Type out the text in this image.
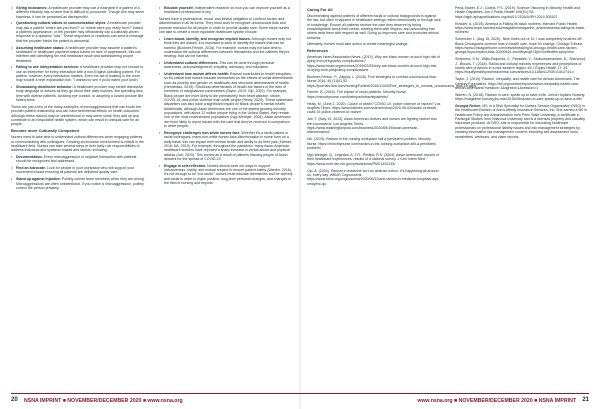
• Giving nicknames: A healthcare provider may use a nickname if a patient of a different ethnicity has a name that is difficult to pronounce. Though this may seem harmless, it can be perceived as disrespectful.
• Questioning cultural values or communication styles: A healthcare provider may ask a patient "where are you from?" or "where were you really born?" based a patient's appearance, or the provider may offhandedly call a culturally-driven response to a question "odd." These responses or reactions can send a message that the provider thinks the patient is abnormal.
• Assuming healthcare status: A healthcare provider may assume a patient's healthcare or healthcare payment status based on race or appearance; this can interfere with identifying the real healthcare issue and administering proper treatment.
• Failing to use interpretation services: A healthcare provider may not choose to use an interpreter for every interaction with a non-English-speaking patient. For patient, however, every interaction matters. Even the act of walking in the room may trouble a brief explanation like, "I wanted to see if you'd eaten your lunch."
• Showcasing dismissive behavior: A healthcare provider may exhibit dismissive body language or actions as they go about their daily routines, like spending less time with diverse patients, avoiding eye contact, or adopting a closed posture like folded arms.
These are just a few of the many examples of microaggressions that can erode the provider-patient relationship and can have detrimental effects on health outcomes. Although these actions may be unintentional or may seem small, they add up and contribute to an inequitable health system, which can result in unequal care for all people.
Become more Culturally Competent
Nurses need to take time to understand cultural differences when engaging patients or communicating with colleagues. Creating an inclusive environment is critical in the healthcare field. Nurses can take several steps in their daily role responsibilities to address individual and systemic biases and racism, including:
• Documentation. Every microaggression or negative interaction with patients should be recognized and addressed.
• Find an advocate. Look for people in your workplace who will support your movement toward ensuring all patients are delivered quality care.
• Stand up against injustice. Politely correct team members when they are wrong. Microaggressions are often unintentional. If you notice a microaggression, politely correct the person privately.
• Educate yourself: Independent research on how you can improve yourself as a healthcare professional is key.
Nurses have a professional, moral, and ethical obligation to confront racism and discrimination in all its forms. They must work to recognize unconscious bias and promote inclusion for all people in order to provide quality care. Some steps nurses can take to create a more equitable healthcare system include:
• Learn about, identify, and recognize implicit biases. Although nurses may not think they are biased, it is important to work to identify the biases that can be harmful (Buckner-Fenton, 2016). For example, nurses may not take time to understand the cultural differences between themselves and the patients they're treating; that can be harmful.
• Understand cultural differences. This can be done through personal awareness, acknowledgement, empathy, advocacy, and education.
• Understand how racism affects health. Racism contributes to health inequities, so it's critical that nurses educate themselves on the effects of social determinants such as poverty and gender on healthcare and structural determinants of health (Hennebiao, 2019). Structural determinants of health are factors in the lives of members of marginalized communities (Taylor, 2019; Ojo, 2020). For example, Black people are more likely to die prematurely from heart disease, stroke, COVID-19, and police violence than white people (Healy, 2020). These systematic disparities can also have a significant impact on Black people's mental health. Additionally, although Asian Americans are one of the fastest growing minority populations, with about 12 million people living in the United States, they remain one of the most understudied populations (Ngo-Metzger, 2004). Asian Americans are more likely to report issues with the care that they've received in comparison to white people.
• Recognize challenges non-white nurses face. Whether it's a racist patient or racist colleagues, many non-white nurses face discrimination in some form on a daily basis; this can impact their mental health and ability to do their jobs (Farmer, 2018; NA, 2019). For example, throughout the pandemic, many Asian-American healthcare workers have reported a sharp increase in verbal abuse and physical attacks (Jan, 2020). This comes as a result of patients blaming people of Asian descent for the spread of COVID-19.
• Engage in self-reflection. Nurses should seek out ways to support inclusiveness, civility, and mutual respect to ensure patient safety (Warren, 2016). It's not enough to be "not racist;" nurses must educate themselves and be actively anti-racist in order to make positive, long-term personal changes, and changes in the field of nursing and beyond.
Caring For All
Discriminating against patients of different racial or cultural backgrounds is against the law, but often it happens in healthcare settings, either intentionally or through lack of knowledge. Ensure all patients receive the care they deserve by being knowledgeable about their needs, treating them with respect, and advocating that others treat them with respect as well. Doing so improves care and promotes ethical behavior.
Ultimately, nurses must take action to create meaningful change.
References
American Heart Association News. (2019). Why are black women at such high risk of dying from pregnancy complications? https://www.heart.org/en/news/2019/02/20/why-are-black-women-at-such-high-risk-of-dying-from-pregnancy-complications
Buckner-Fenton, P., Zappia, L. (2016). Five strategies to combat unconscious bias. Nurse 2016, 46 (11)51-52. https://journals.lww.com/nursing/Fulltext/2016/11000/Five_strategies_to_combat_unconscious_bias.16.aspx
Farmer, B. (2018). The impact of racist patients. Minority Nurse. https://minoritynurse.com/theimpactofracistpatients/
Healy, M. (June 2, 2020). Cause of death? COVID-19, police violence or racism? Los Angeles Times. https://www.latimes.com/science/story/2020-06-02/cause-of-death-covid-19-police-violence-or-racism
Jan, T. (May 19, 2020). Asian American doctors and nurses are fighting racism and the coronavirus. Los Angeles Times. https://www.washingtonpost.com/business/2020/05/19/asian-american-discrimination/
NA. (2019). Racism in the nursing workplace still a persistent problem. Minority Nurse. https://minoritynurse.com/racism-in-the-nursing-workplace-still-a-persistent-problem/
Ngo-Metzger, Q., Legedza, A. T.R., Phillips, R.S. (2004). Asian Americans' reports of their healthcare experiences: results of a national survey. J Gen Intern Med. https://www.ncbi.nlm.nih.gov/pmc/articles/PMC1492145/
Ojo, A. (2020). Racism in medicine isn't an abstract notion. It's happening all around us, every day. WBUR Cognoscenti. https://www.wbur.org/cognoscenti/2020/06/12/anti-racism-in-medicine-hospitals-ayo-omoyeni-ojo
Pena-Stuber, E.J., Collins, P.S. (2019). Science Visioning in Minority Health and Health Disparities. Am J Public Health 109(S1):S5. https://ajph.aphapublications.org/doi/10.2105/AJPH.2019.305107
Rowder, A. (2019). America is Failing its black mothers. Harvard Public Health. https://www.hsph.harvard.edu/magazine/magazine_article/america-failing-its-black-mothers/
Schencker L. (Aug 15, 2020). 'Nine times out of 10, I was completely brushed off': Black Chicagoans confront bias in health care, hope for change. Chicago Tribune. https://www.chicagotribune.com/news/breaking/ct-chicago-health-care-racism-george-floyd-implicit-bias-20200815-ecuillfbymq5?3pkOXnffedtfm.story.html
Shepherd, S.M., Willis-Esqueda, C., Paradies, Y., Sivasubramaniam, D., Sherwood, J., Brooks, T. (2018). Racial and cultural minority experiences and perceptions of health care provision in a mid-western region. Int J Equity Health 17: 33. https://equityhealthj.biomedcentral.com/articles/10.1186/s12939-018-0744-x
Taylor, J. (2019). Racism, inequality, and health care for African Americans. The Century Foundation. https://tcf.org/content/report/racism-inequality-health-care-african-americans/?session=1&agreed=1&session=1
Warren, N. (2016). Racism in care: speak up to save a life. Johns Hopkins Nursing. https://magazine.nursing.jhu.edu/2016/05/racism-in-care-speak-up-to-save-a-life/
Georgia Reiner, MS, is a Risk Specialist for Nurses Service Organization (NSO) in the Healthcare Division of Aon's Affinity Insurance Services, Inc. She earned a BS in Healthcare Policy and Administration from Penn State University, a certificate in Paralegal Studies from Villanova University and is a licensed property and casualty insurance producer. At NSO, she is responsible for educating healthcare professionals on professional liability issues and risk management strategies by creating informative risk management content, including self-assessment tools, newsletters, webinars, and claim reports.
20 NSNA IMPRINT ■ NOVEMBER/DECEMBER 2020 ■ www.nsna.org	www.nsna.org ■ NOVEMBER/DECEMBER 2020 ■ NSNA IMPRINT 21
